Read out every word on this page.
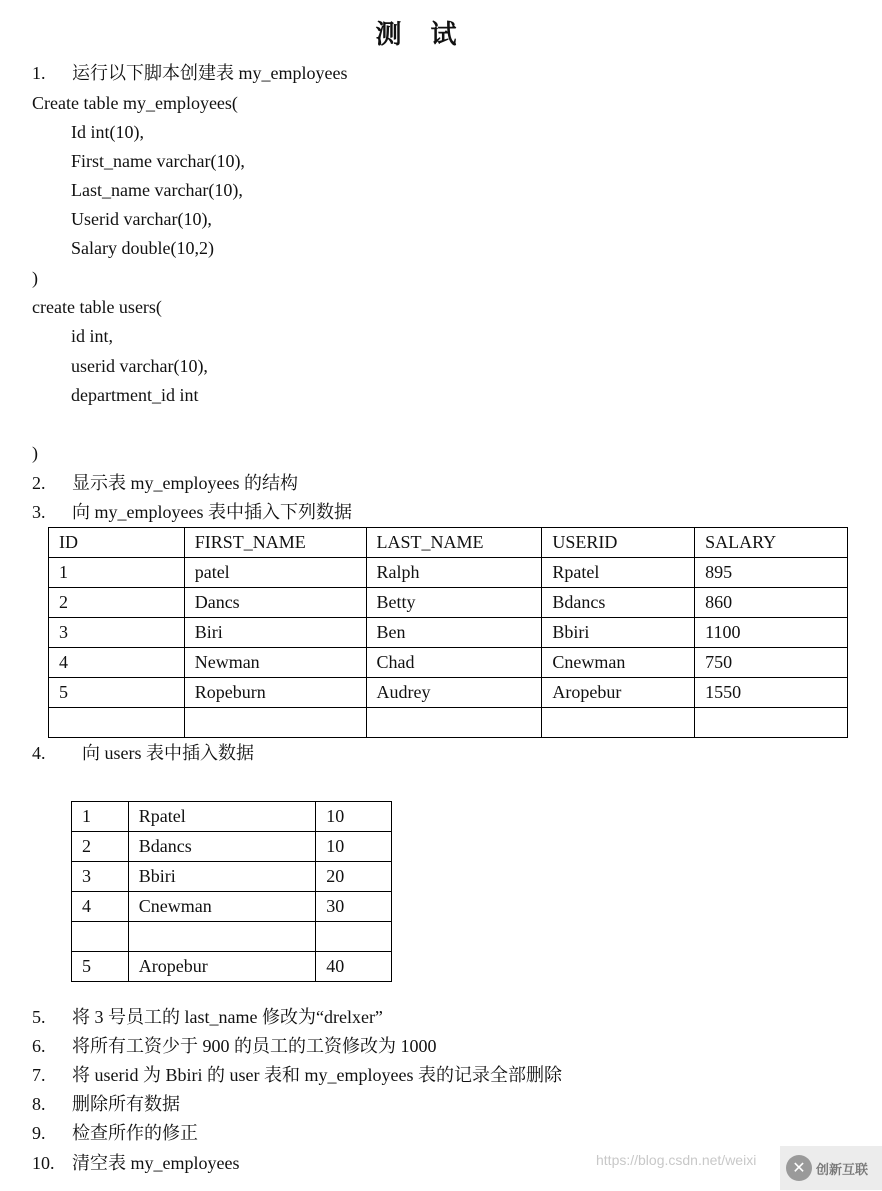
测 试
1. 运行以下脚本创建表 my_employees
Create table my_employees(
Id int(10),
First_name varchar(10),
Last_name varchar(10),
Userid varchar(10),
Salary double(10,2)
)
create table users(
id int,
userid varchar(10),
department_id int
)
2. 显示表 my_employees 的结构
3. 向 my_employees 表中插入下列数据
ID	FIRST_NAME	LAST_NAME	USERID	SALARY
1	patel	Ralph	Rpatel	895
2	Dancs	Betty	Bdancs	860
3	Biri	Ben	Bbiri	1100
4	Newman	Chad	Cnewman	750
5	Ropeburn	Audrey	Aropebur	1550

4. 向 users 表中插入数据
1	Rpatel	10
2	Bdancs	10
3	Bbiri	20
4	Cnewman	30

5	Aropebur	40
5. 将 3 号员工的 last_name 修改为“drelxer”
6. 将所有工资少于 900 的员工的工资修改为 1000
7. 将 userid 为 Bbiri 的 user 表和 my_employees 表的记录全部删除
8. 删除所有数据
9. 检查所作的修正
10. 清空表 my_employees	https://blog.csdn.net/weixi	✕ 创新互联
